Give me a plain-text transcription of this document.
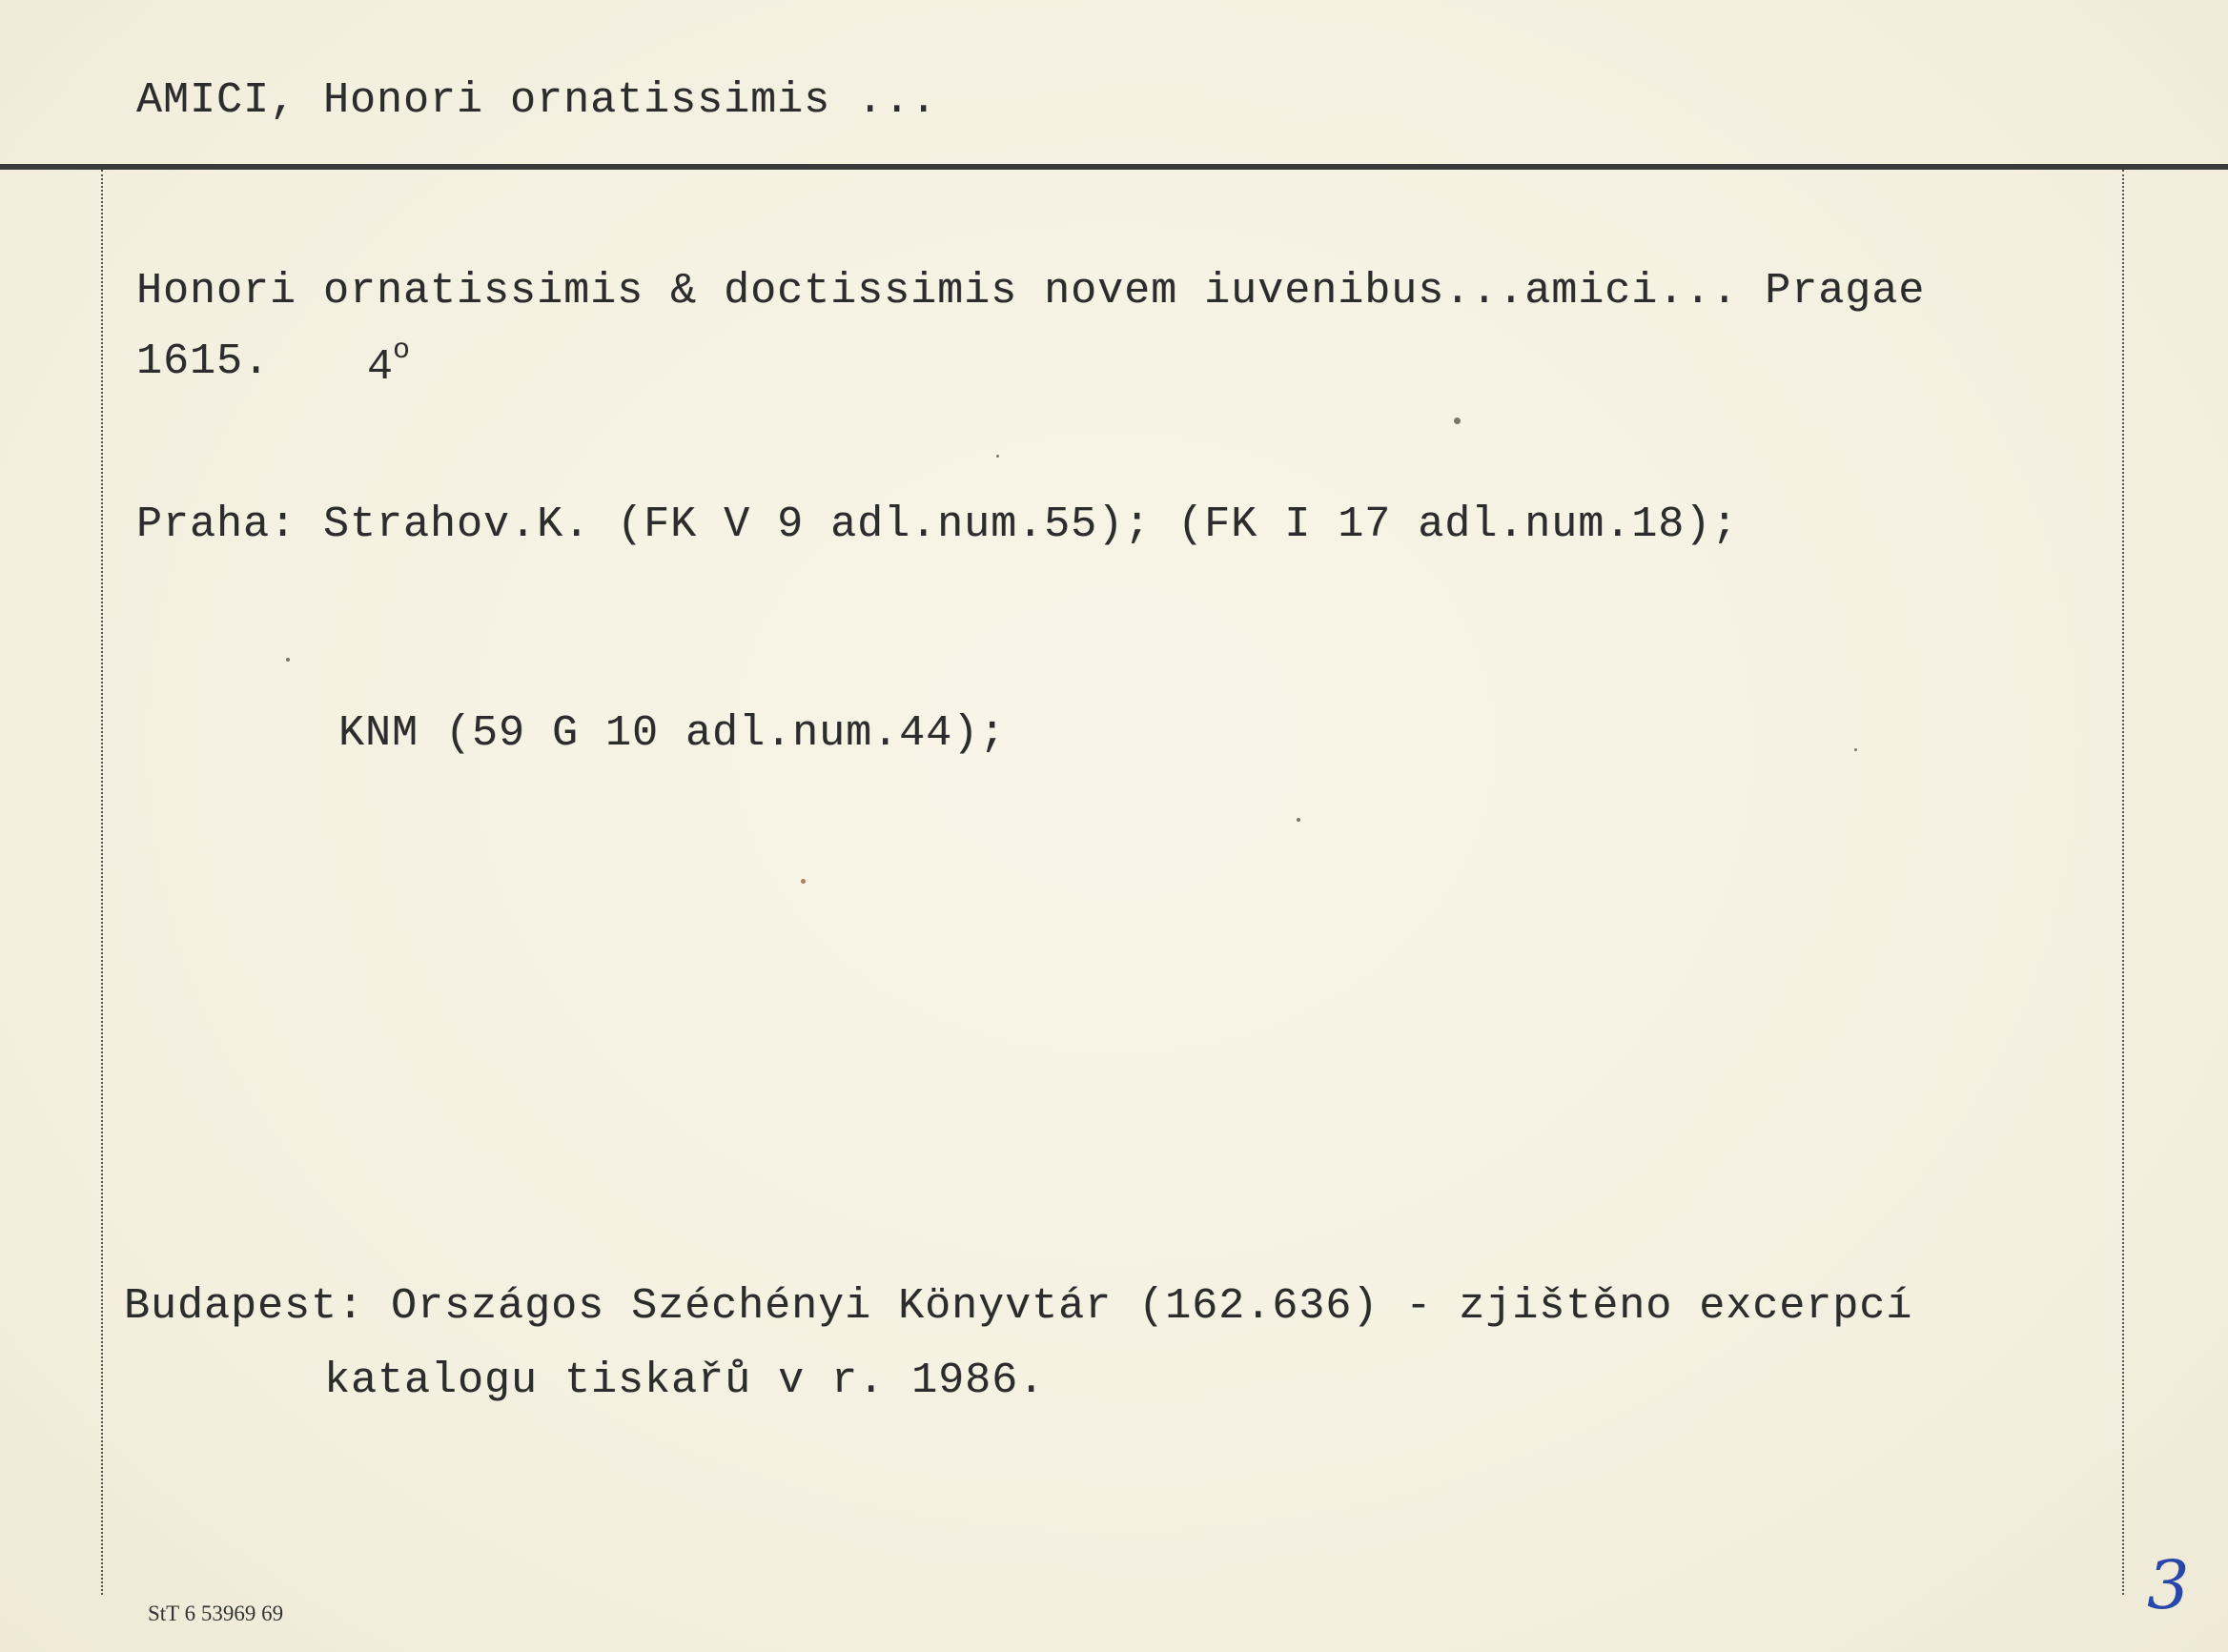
AMICI, Honori ornatissimis ...
Honori ornatissimis & doctissimis novem iuvenibus...amici... Pragae
1615. 4$^o$
Praha: Strahov.K. (FK V 9 adl.num.55); (FK I 17 adl.num.18);
KNM (59 G 10 adl.num.44);
Budapest: Országos Széchényi Könyvtár (162.636) - zjištěno excerpcí
katalogu tiskařů v r. 1986.
StT 6 53969 69	3
